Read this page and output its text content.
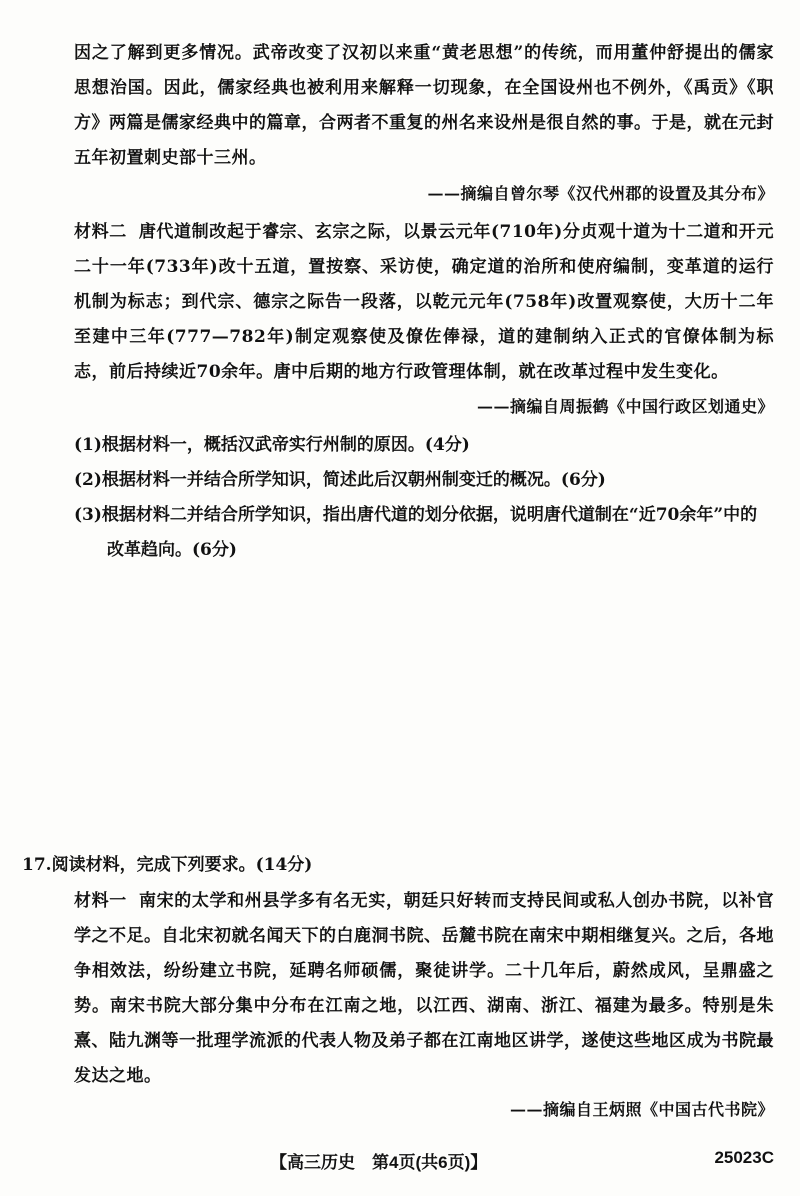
因之了解到更多情况。武帝改变了汉初以来重“黄老思想”的传统，而用董仲舒提出的儒家思想治国。因此，儒家经典也被利用来解释一切现象，在全国设州也不例外，《禹贡》《职方》两篇是儒家经典中的篇章，合两者不重复的州名来设州是很自然的事。于是，就在元封五年初置刺史部十三州。
——摘编自曾尔琴《汉代州郡的设置及其分布》
材料二 唐代道制改起于睿宗、玄宗之际，以景云元年(710年)分贞观十道为十二道和开元二十一年(733年)改十五道，置按察、采访使，确定道的治所和使府编制，变革道的运行机制为标志；到代宗、德宗之际告一段落，以乾元元年(758年)改置观察使，大历十二年至建中三年(777—782年)制定观察使及僚佐俸禄，道的建制纳入正式的官僚体制为标志，前后持续近70余年。唐中后期的地方行政管理体制，就在改革过程中发生变化。
——摘编自周振鹤《中国行政区划通史》
(1)根据材料一，概括汉武帝实行州制的原因。(4分)
(2)根据材料一并结合所学知识，简述此后汉朝州制变迁的概况。(6分)
(3)根据材料二并结合所学知识，指出唐代道的划分依据，说明唐代道制在“近70余年”中的
改革趋向。(6分)
17.阅读材料，完成下列要求。(14分)
材料一 南宋的太学和州县学多有名无实，朝廷只好转而支持民间或私人创办书院，以补官学之不足。自北宋初就名闻天下的白鹿洞书院、岳麓书院在南宋中期相继复兴。之后，各地争相效法，纷纷建立书院，延聘名师硕儒，聚徒讲学。二十几年后，蔚然成风，呈鼎盛之势。南宋书院大部分集中分布在江南之地，以江西、湖南、浙江、福建为最多。特别是朱熹、陆九渊等一批理学流派的代表人物及弟子都在江南地区讲学，遂使这些地区成为书院最发达之地。
——摘编自王炳照《中国古代书院》
【高三历史　第4页(共6页)】	25023C
